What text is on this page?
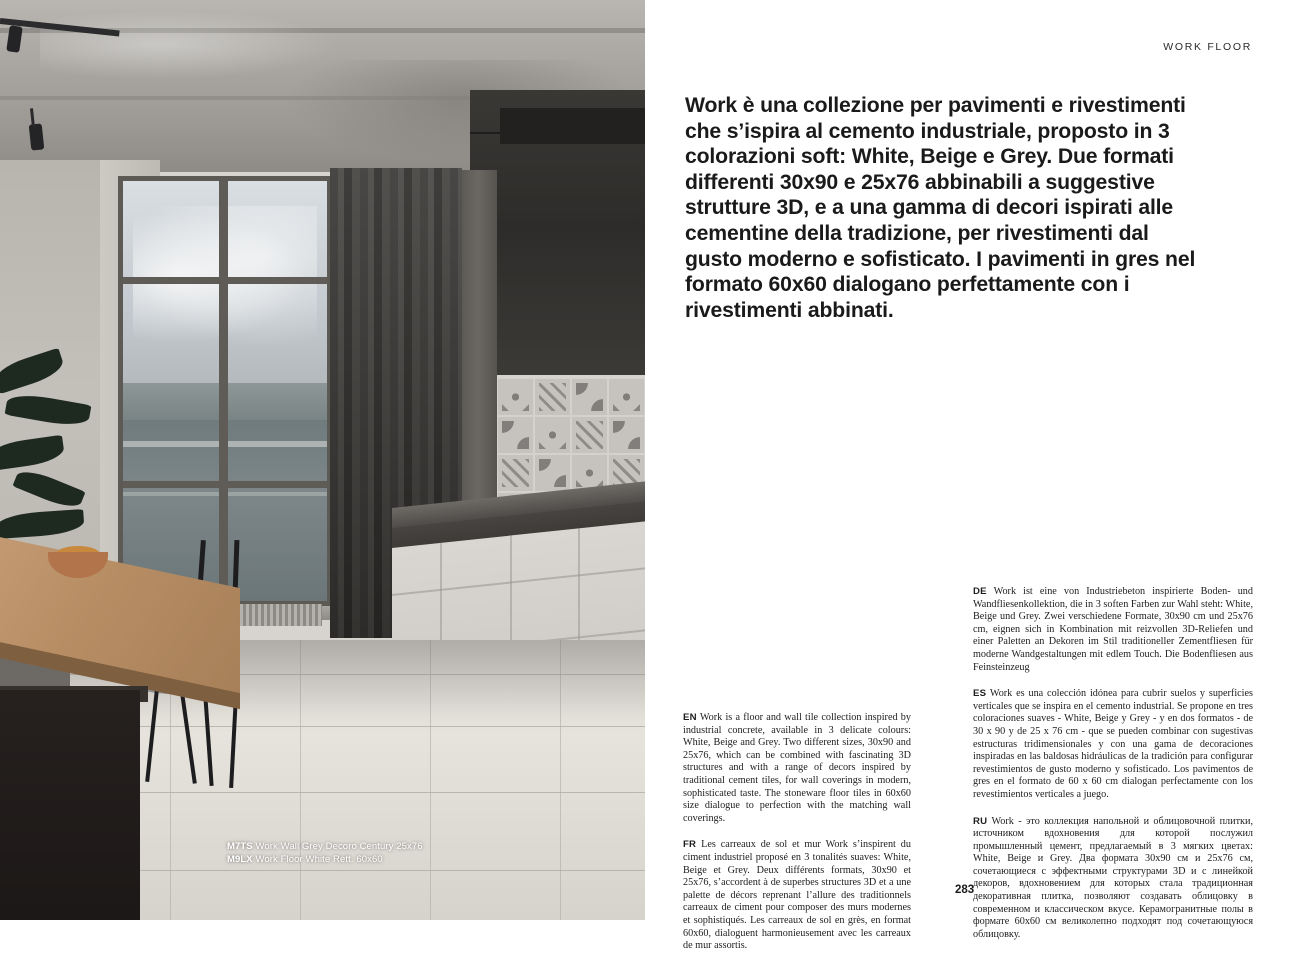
M7TS Work Wall Grey Decoro Century 25x76
M9LX Work Floor White Rett. 60x60
WORK FLOOR
Work è una collezione per pavimenti e rivestimenti che s’ispira al cemento industriale, proposto in 3 colorazioni soft: White, Beige e Grey. Due formati differenti 30x90 e 25x76 abbinabili a suggestive strutture 3D, e a una gamma di decori ispirati alle cementine della tradizione, per rivestimenti dal gusto moderno e sofisticato. I pavimenti in gres nel formato 60x60 dialogano perfettamente con i rivestimenti abbinati.

EN Work is a floor and wall tile collection inspired by industrial concrete, available in 3 delicate colours: White, Beige and Grey. Two different sizes, 30x90 and 25x76, which can be combined with fascinating 3D structures and with a range of decors inspired by traditional cement tiles, for wall coverings in modern, sophisticated taste. The stoneware floor tiles in 60x60 size dialogue to perfection with the matching wall coverings.

FR Les carreaux de sol et mur Work s’inspirent du ciment industriel proposé en 3 tonalités suaves: White, Beige et Grey. Deux différents formats, 30x90 et 25x76, s’accordent à de superbes structures 3D et a une palette de décors reprenant l’allure des traditionnels carreaux de ciment pour composer des murs modernes et sophistiqués. Les carreaux de sol en grès, en format 60x60, dialoguent harmonieusement avec les carreaux de mur assortis.

DE Work ist eine von Industriebeton inspirierte Boden- und Wandfliesenkollektion, die in 3 soften Farben zur Wahl steht: White, Beige und Grey. Zwei verschiedene Formate, 30x90 cm und 25x76 cm, eignen sich in Kombination mit reizvollen 3D-Reliefen und einer Paletten an Dekoren im Stil traditioneller Zementfliesen für moderne Wandgestaltungen mit edlem Touch. Die Bodenfliesen aus Feinsteinzeug

ES Work es una colección idónea para cubrir suelos y superficies verticales que se inspira en el cemento industrial. Se propone en tres coloraciones suaves - White, Beige y Grey - y en dos formatos - de 30 x 90 y de 25 x 76 cm - que se pueden combinar con sugestivas estructuras tridimensionales y con una gama de decoraciones inspiradas en las baldosas hidráulicas de la tradición para configurar revestimientos de gusto moderno y sofisticado. Los pavimentos de gres en el formato de 60 x 60 cm dialogan perfectamente con los revestimientos verticales a juego.

RU Work - это коллекция напольной и облицовочной плитки, источником вдохновения для которой послужил промышленный цемент, предлагаемый в 3 мягких цветах: White, Beige и Grey. Два формата 30x90 см и 25x76 см, сочетающиеся с эффектными структурами 3D и с линейкой декоров, вдохновением для которых стала традиционная декоративная плитка, позволяют создавать облицовку в современном и классическом вкусе. Керамогранитные полы в формате 60x60 см великолепно подходят под сочетающуюся облицовку.

283
